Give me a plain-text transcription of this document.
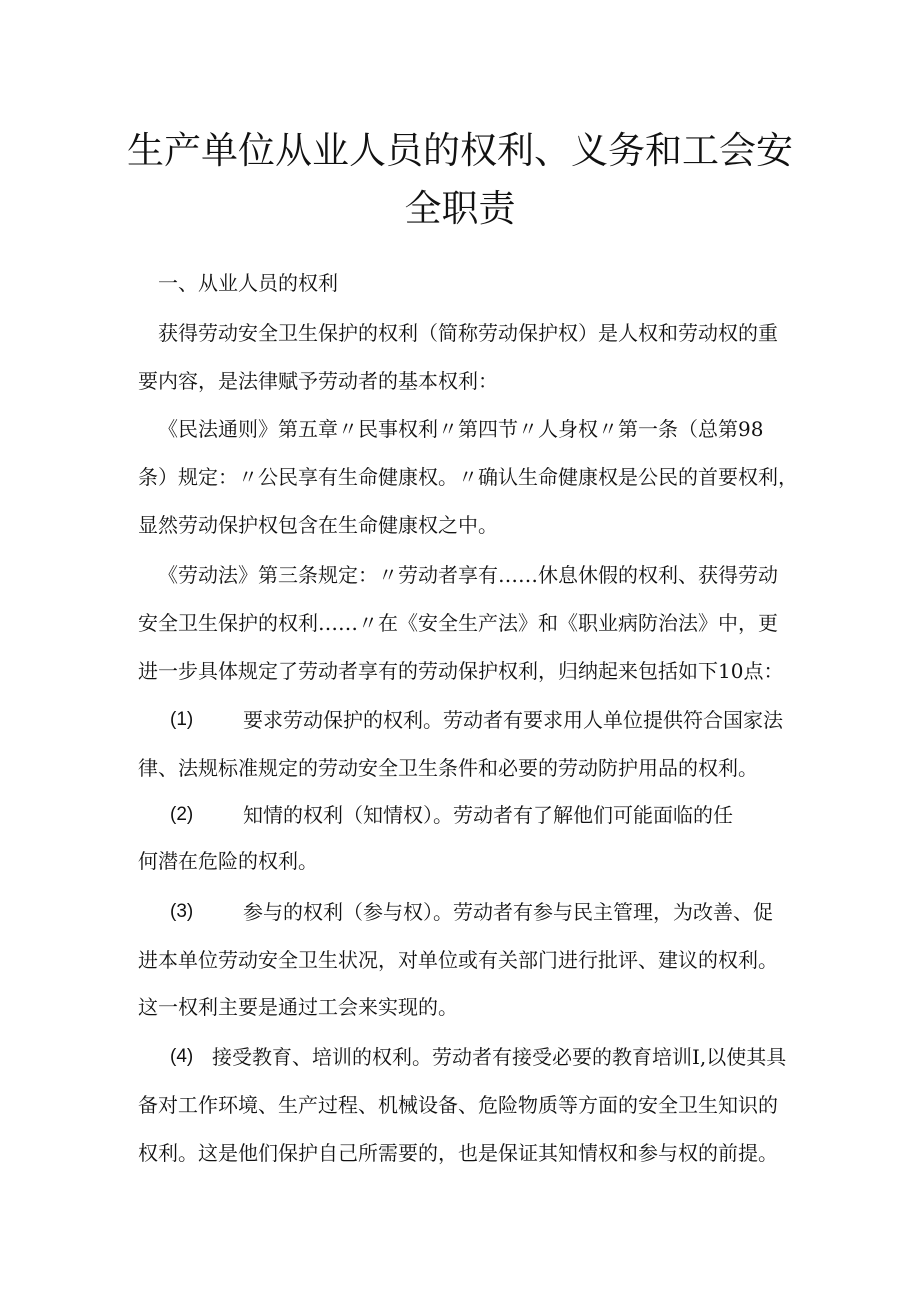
生产单位从业人员的权利、义务和工会安
全职责
一、从业人员的权利
获得劳动安全卫生保护的权利（简称劳动保护权）是人权和劳动权的重
要内容，是法律赋予劳动者的基本权利：
《民法通则》第五章〃民事权利〃第四节〃人身权〃第一条（总第98
条）规定：〃公民享有生命健康权。〃确认生命健康权是公民的首要权利，
显然劳动保护权包含在生命健康权之中。
《劳动法》第三条规定：〃劳动者享有……休息休假的权利、获得劳动
安全卫生保护的权利……〃在《安全生产法》和《职业病防治法》中，更
进一步具体规定了劳动者享有的劳动保护权利，归纳起来包括如下10点：
(1) 要求劳动保护的权利。劳动者有要求用人单位提供符合国家法
律、法规标准规定的劳动安全卫生条件和必要的劳动防护用品的权利。
(2) 知情的权利（知情权）。劳动者有了解他们可能面临的任
何潜在危险的权利。
(3) 参与的权利（参与权）。劳动者有参与民主管理，为改善、促
进本单位劳动安全卫生状况，对单位或有关部门进行批评、建议的权利。
这一权利主要是通过工会来实现的。
(4) 接受教育、培训的权利。劳动者有接受必要的教育培训I,以使其具
备对工作环境、生产过程、机械设备、危险物质等方面的安全卫生知识的
权利。这是他们保护自己所需要的，也是保证其知情权和参与权的前提。
